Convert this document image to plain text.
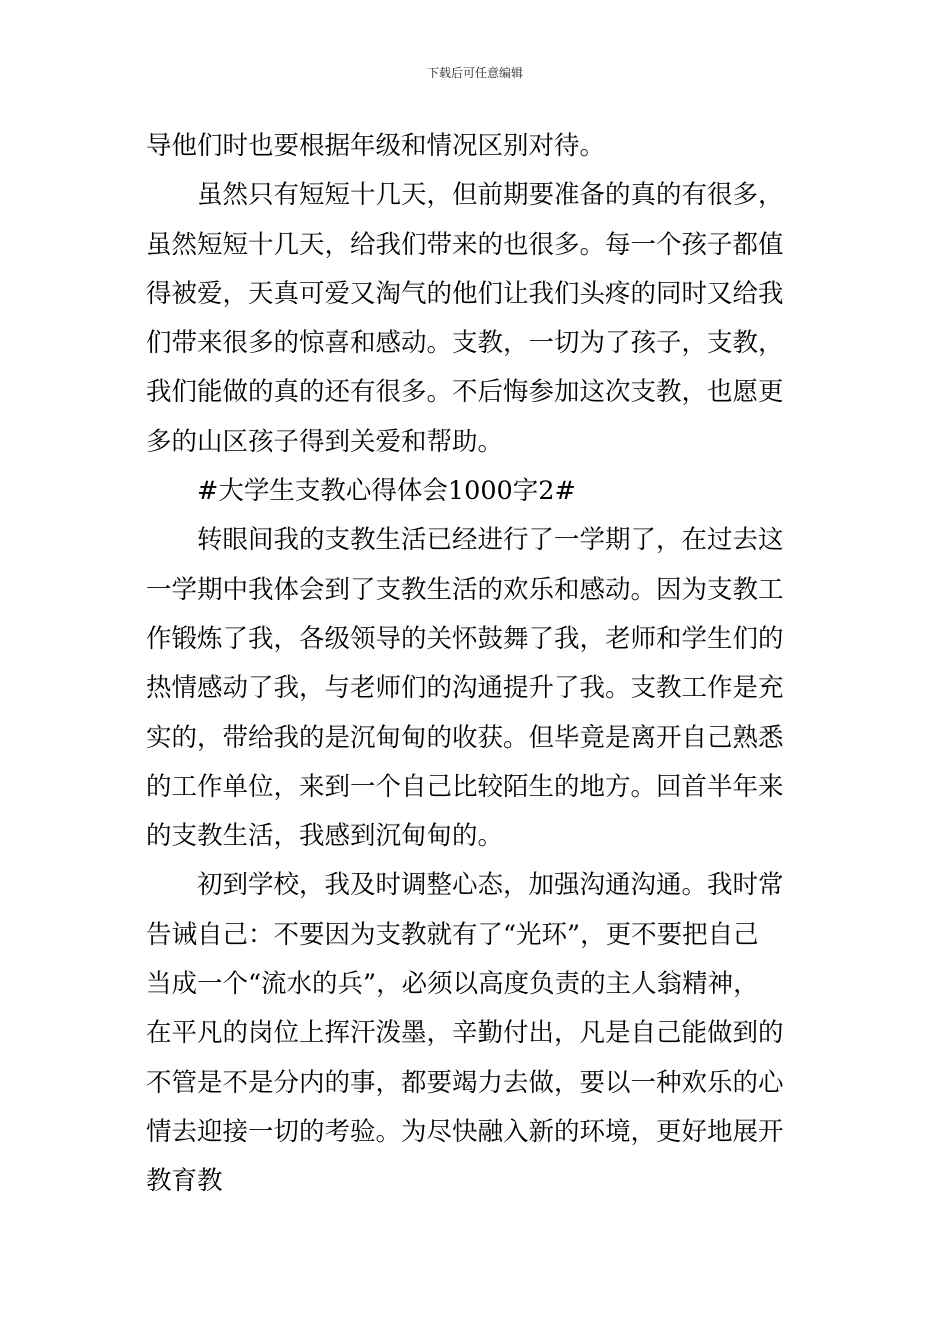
下载后可任意编辑
导他们时也要根据年级和情况区别对待。
虽然只有短短十几天，但前期要准备的真的有很多，
虽然短短十几天，给我们带来的也很多。每一个孩子都值
得被爱，天真可爱又淘气的他们让我们头疼的同时又给我
们带来很多的惊喜和感动。支教，一切为了孩子，支教，
我们能做的真的还有很多。不后悔参加这次支教，也愿更
多的山区孩子得到关爱和帮助。
#大学生支教心得体会1000字2#
转眼间我的支教生活已经进行了一学期了，在过去这
一学期中我体会到了支教生活的欢乐和感动。因为支教工
作锻炼了我，各级领导的关怀鼓舞了我，老师和学生们的
热情感动了我，与老师们的沟通提升了我。支教工作是充
实的，带给我的是沉甸甸的收获。但毕竟是离开自己熟悉
的工作单位，来到一个自己比较陌生的地方。回首半年来
的支教生活，我感到沉甸甸的。
初到学校，我及时调整心态，加强沟通沟通。我时常
告诫自己：不要因为支教就有了“光环”，更不要把自己
当成一个“流水的兵”，必须以高度负责的主人翁精神，
在平凡的岗位上挥汗泼墨，辛勤付出，凡是自己能做到的
不管是不是分内的事，都要竭力去做，要以一种欢乐的心
情去迎接一切的考验。为尽快融入新的环境，更好地展开
教育教
